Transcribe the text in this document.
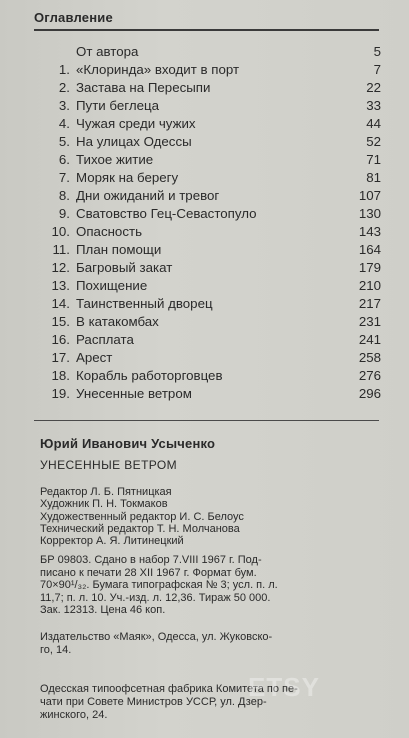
Оглавление
От автора	5
1. «Клоринда» входит в порт	7
2. Застава на Пересыпи	22
3. Пути беглеца	33
4. Чужая среди чужих	44
5. На улицах Одессы	52
6. Тихое житие	71
7. Моряк на берегу	81
8. Дни ожиданий и тревог	107
9. Сватовство Гец-Севастопуло	130
10. Опасность	143
11. План помощи	164
12. Багровый закат	179
13. Похищение	210
14. Таинственный дворец	217
15. В катакомбах	231
16. Расплата	241
17. Арест	258
18. Корабль работорговцев	276
19. Унесенные ветром	296
Юрий Иванович Усыченко
УНЕСЕННЫЕ ВЕТРОМ
Редактор Л. Б. Пятницкая
Художник П. Н. Токмаков
Художественный редактор И. С. Белоус
Технический редактор Т. Н. Молчанова
Корректор А. Я. Литинецкий
БР 09803. Сдано в набор 7.VIII 1967 г. Под-
писано к печати 28 XII 1967 г. Формат бум.
70×90¹/₃₂. Бумага типографская № 3; усл. п. л.
11,7; п. л. 10. Уч.-изд. л. 12,36. Тираж 50 000.
Зак. 12313. Цена 46 коп.
Издательство «Маяк», Одесса, ул. Жуковско-
го, 14.
Одесская типоофсетная фабрика Комитета по пе-
чати при Совете Министров УССР, ул. Дзер-
жинского, 24.
ETSY
